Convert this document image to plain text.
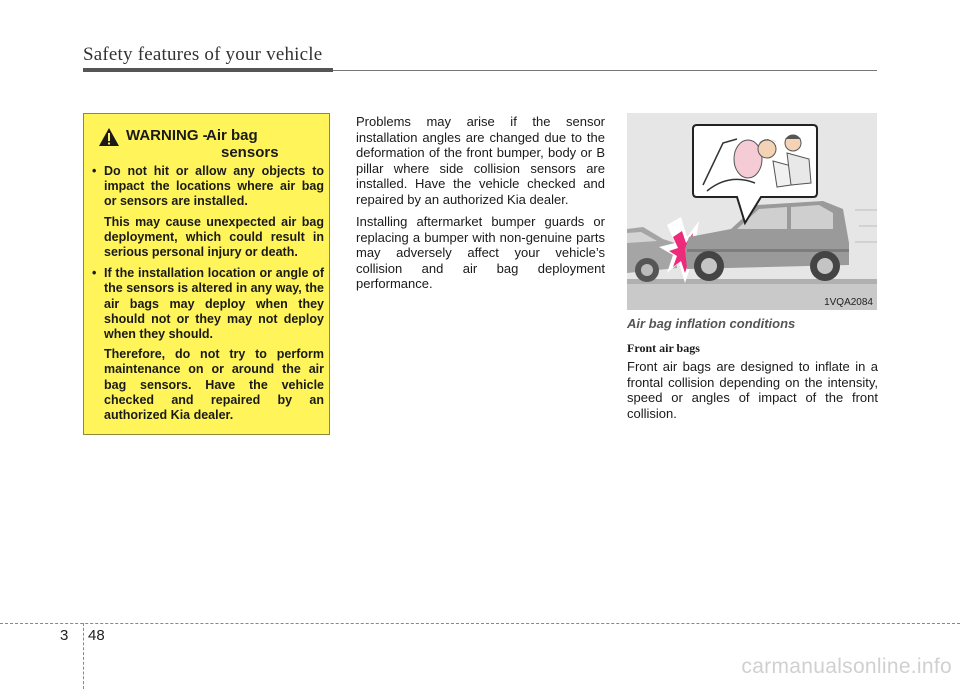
Safety features of your vehicle
WARNING -
Air bag
sensors
• Do not hit or allow any objects to impact the locations where air bag or sensors are installed.

This may cause unexpected air bag deployment, which could result in serious personal injury or death.

• If the installation location or angle of the sensors is altered in any way, the air bags may deploy when they should not or they may not deploy when they should.

Therefore, do not try to perform maintenance on or around the air bag sensors. Have the vehicle checked and repaired by an authorized Kia dealer.

Problems may arise if the sensor installation angles are changed due to the deformation of the front bumper, body or B pillar where side collision sensors are installed. Have the vehicle checked and repaired by an authorized Kia dealer.

Installing aftermarket bumper guards or replacing a bumper with non-genuine parts may adversely affect your vehicle’s collision and air bag deployment performance.

1VQA2084
Air bag inflation conditions
Front air bags

Front air bags are designed to inflate in a frontal collision depending on the intensity, speed or angles of impact of the front collision.

3 48
carmanualsonline.info
